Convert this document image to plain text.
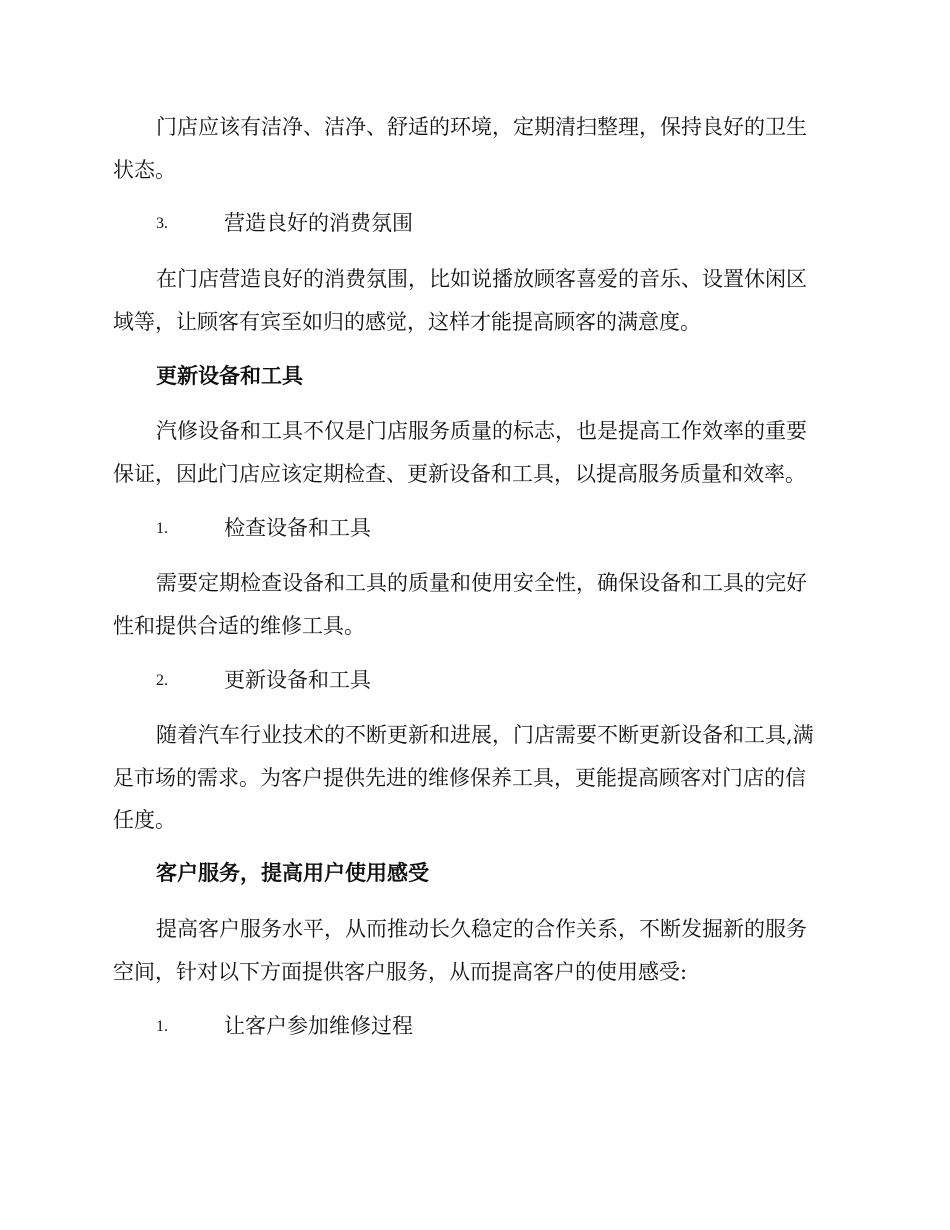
门店应该有洁净、洁净、舒适的环境，定期清扫整理，保持良好的卫生
状态。
3.	营造良好的消费氛围
在门店营造良好的消费氛围，比如说播放顾客喜爱的音乐、设置休闲区
域等，让顾客有宾至如归的感觉，这样才能提高顾客的满意度。
更新设备和工具
汽修设备和工具不仅是门店服务质量的标志，也是提高工作效率的重要
保证，因此门店应该定期检查、更新设备和工具，以提高服务质量和效率。
1.	检查设备和工具
需要定期检查设备和工具的质量和使用安全性，确保设备和工具的完好
性和提供合适的维修工具。
2.	更新设备和工具
随着汽车行业技术的不断更新和进展，门店需要不断更新设备和工具,满
足市场的需求。为客户提供先进的维修保养工具，更能提高顾客对门店的信
任度。
客户服务，提高用户使用感受
提高客户服务水平，从而推动长久稳定的合作关系，不断发掘新的服务
空间，针对以下方面提供客户服务，从而提高客户的使用感受:
1.	让客户参加维修过程
